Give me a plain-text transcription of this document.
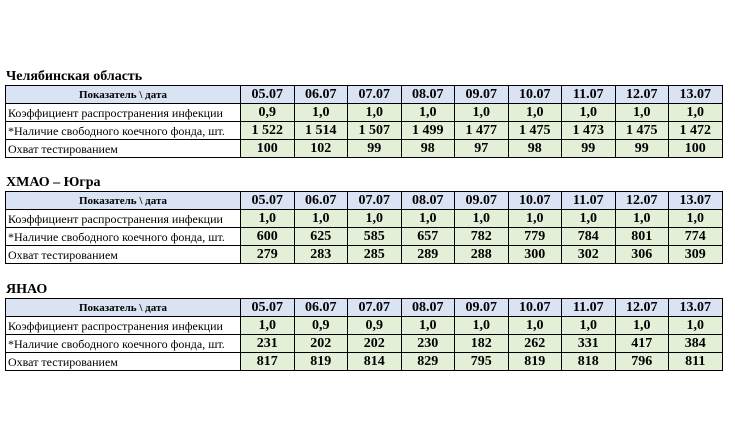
Челябинская область
Показатель \ дата	05.07	06.07	07.07	08.07	09.07	10.07	11.07	12.07	13.07
Коэффициент распространения инфекции	0,9	1,0	1,0	1,0	1,0	1,0	1,0	1,0	1,0
*Наличие свободного коечного фонда, шт.	1 522	1 514	1 507	1 499	1 477	1 475	1 473	1 475	1 472
Охват тестированием	100	102	99	98	97	98	99	99	100
ХМАО – Югра
Показатель \ дата	05.07	06.07	07.07	08.07	09.07	10.07	11.07	12.07	13.07
Коэффициент распространения инфекции	1,0	1,0	1,0	1,0	1,0	1,0	1,0	1,0	1,0
*Наличие свободного коечного фонда, шт.	600	625	585	657	782	779	784	801	774
Охват тестированием	279	283	285	289	288	300	302	306	309
ЯНАО
Показатель \ дата	05.07	06.07	07.07	08.07	09.07	10.07	11.07	12.07	13.07
Коэффициент распространения инфекции	1,0	0,9	0,9	1,0	1,0	1,0	1,0	1,0	1,0
*Наличие свободного коечного фонда, шт.	231	202	202	230	182	262	331	417	384
Охват тестированием	817	819	814	829	795	819	818	796	811
